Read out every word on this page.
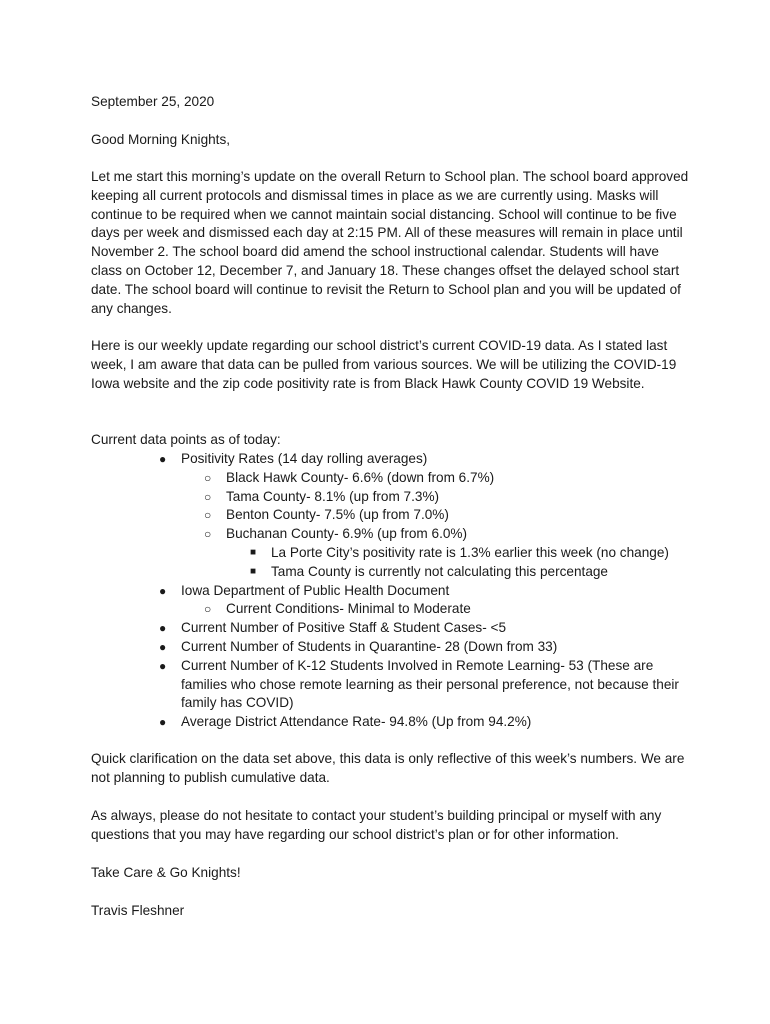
September 25, 2020

Good Morning Knights,

Let me start this morning’s update on the overall Return to School plan. The school board approved keeping all current protocols and dismissal times in place as we are currently using. Masks will continue to be required when we cannot maintain social distancing. School will continue to be five days per week and dismissed each day at 2:15 PM. All of these measures will remain in place until November 2. The school board did amend the school instructional calendar. Students will have class on October 12, December 7, and January 18. These changes offset the delayed school start date. The school board will continue to revisit the Return to School plan and you will be updated of any changes.

Here is our weekly update regarding our school district’s current COVID-19 data. As I stated last week, I am aware that data can be pulled from various sources. We will be utilizing the COVID-19 Iowa website and the zip code positivity rate is from Black Hawk County COVID 19 Website.

Current data points as of today:

● Positivity Rates (14 day rolling averages)
○ Black Hawk County- 6.6% (down from 6.7%)
○ Tama County- 8.1% (up from 7.3%)
○ Benton County- 7.5% (up from 7.0%)
○ Buchanan County- 6.9% (up from 6.0%)
■ La Porte City’s positivity rate is 1.3% earlier this week (no change)
■ Tama County is currently not calculating this percentage
● Iowa Department of Public Health Document
○ Current Conditions- Minimal to Moderate
● Current Number of Positive Staff & Student Cases- <5
● Current Number of Students in Quarantine- 28 (Down from 33)
● Current Number of K-12 Students Involved in Remote Learning- 53 (These are families who chose remote learning as their personal preference, not because their family has COVID)
● Average District Attendance Rate- 94.8% (Up from 94.2%)

Quick clarification on the data set above, this data is only reflective of this week’s numbers. We are not planning to publish cumulative data.

As always, please do not hesitate to contact your student’s building principal or myself with any questions that you may have regarding our school district’s plan or for other information.

Take Care & Go Knights!

Travis Fleshner
